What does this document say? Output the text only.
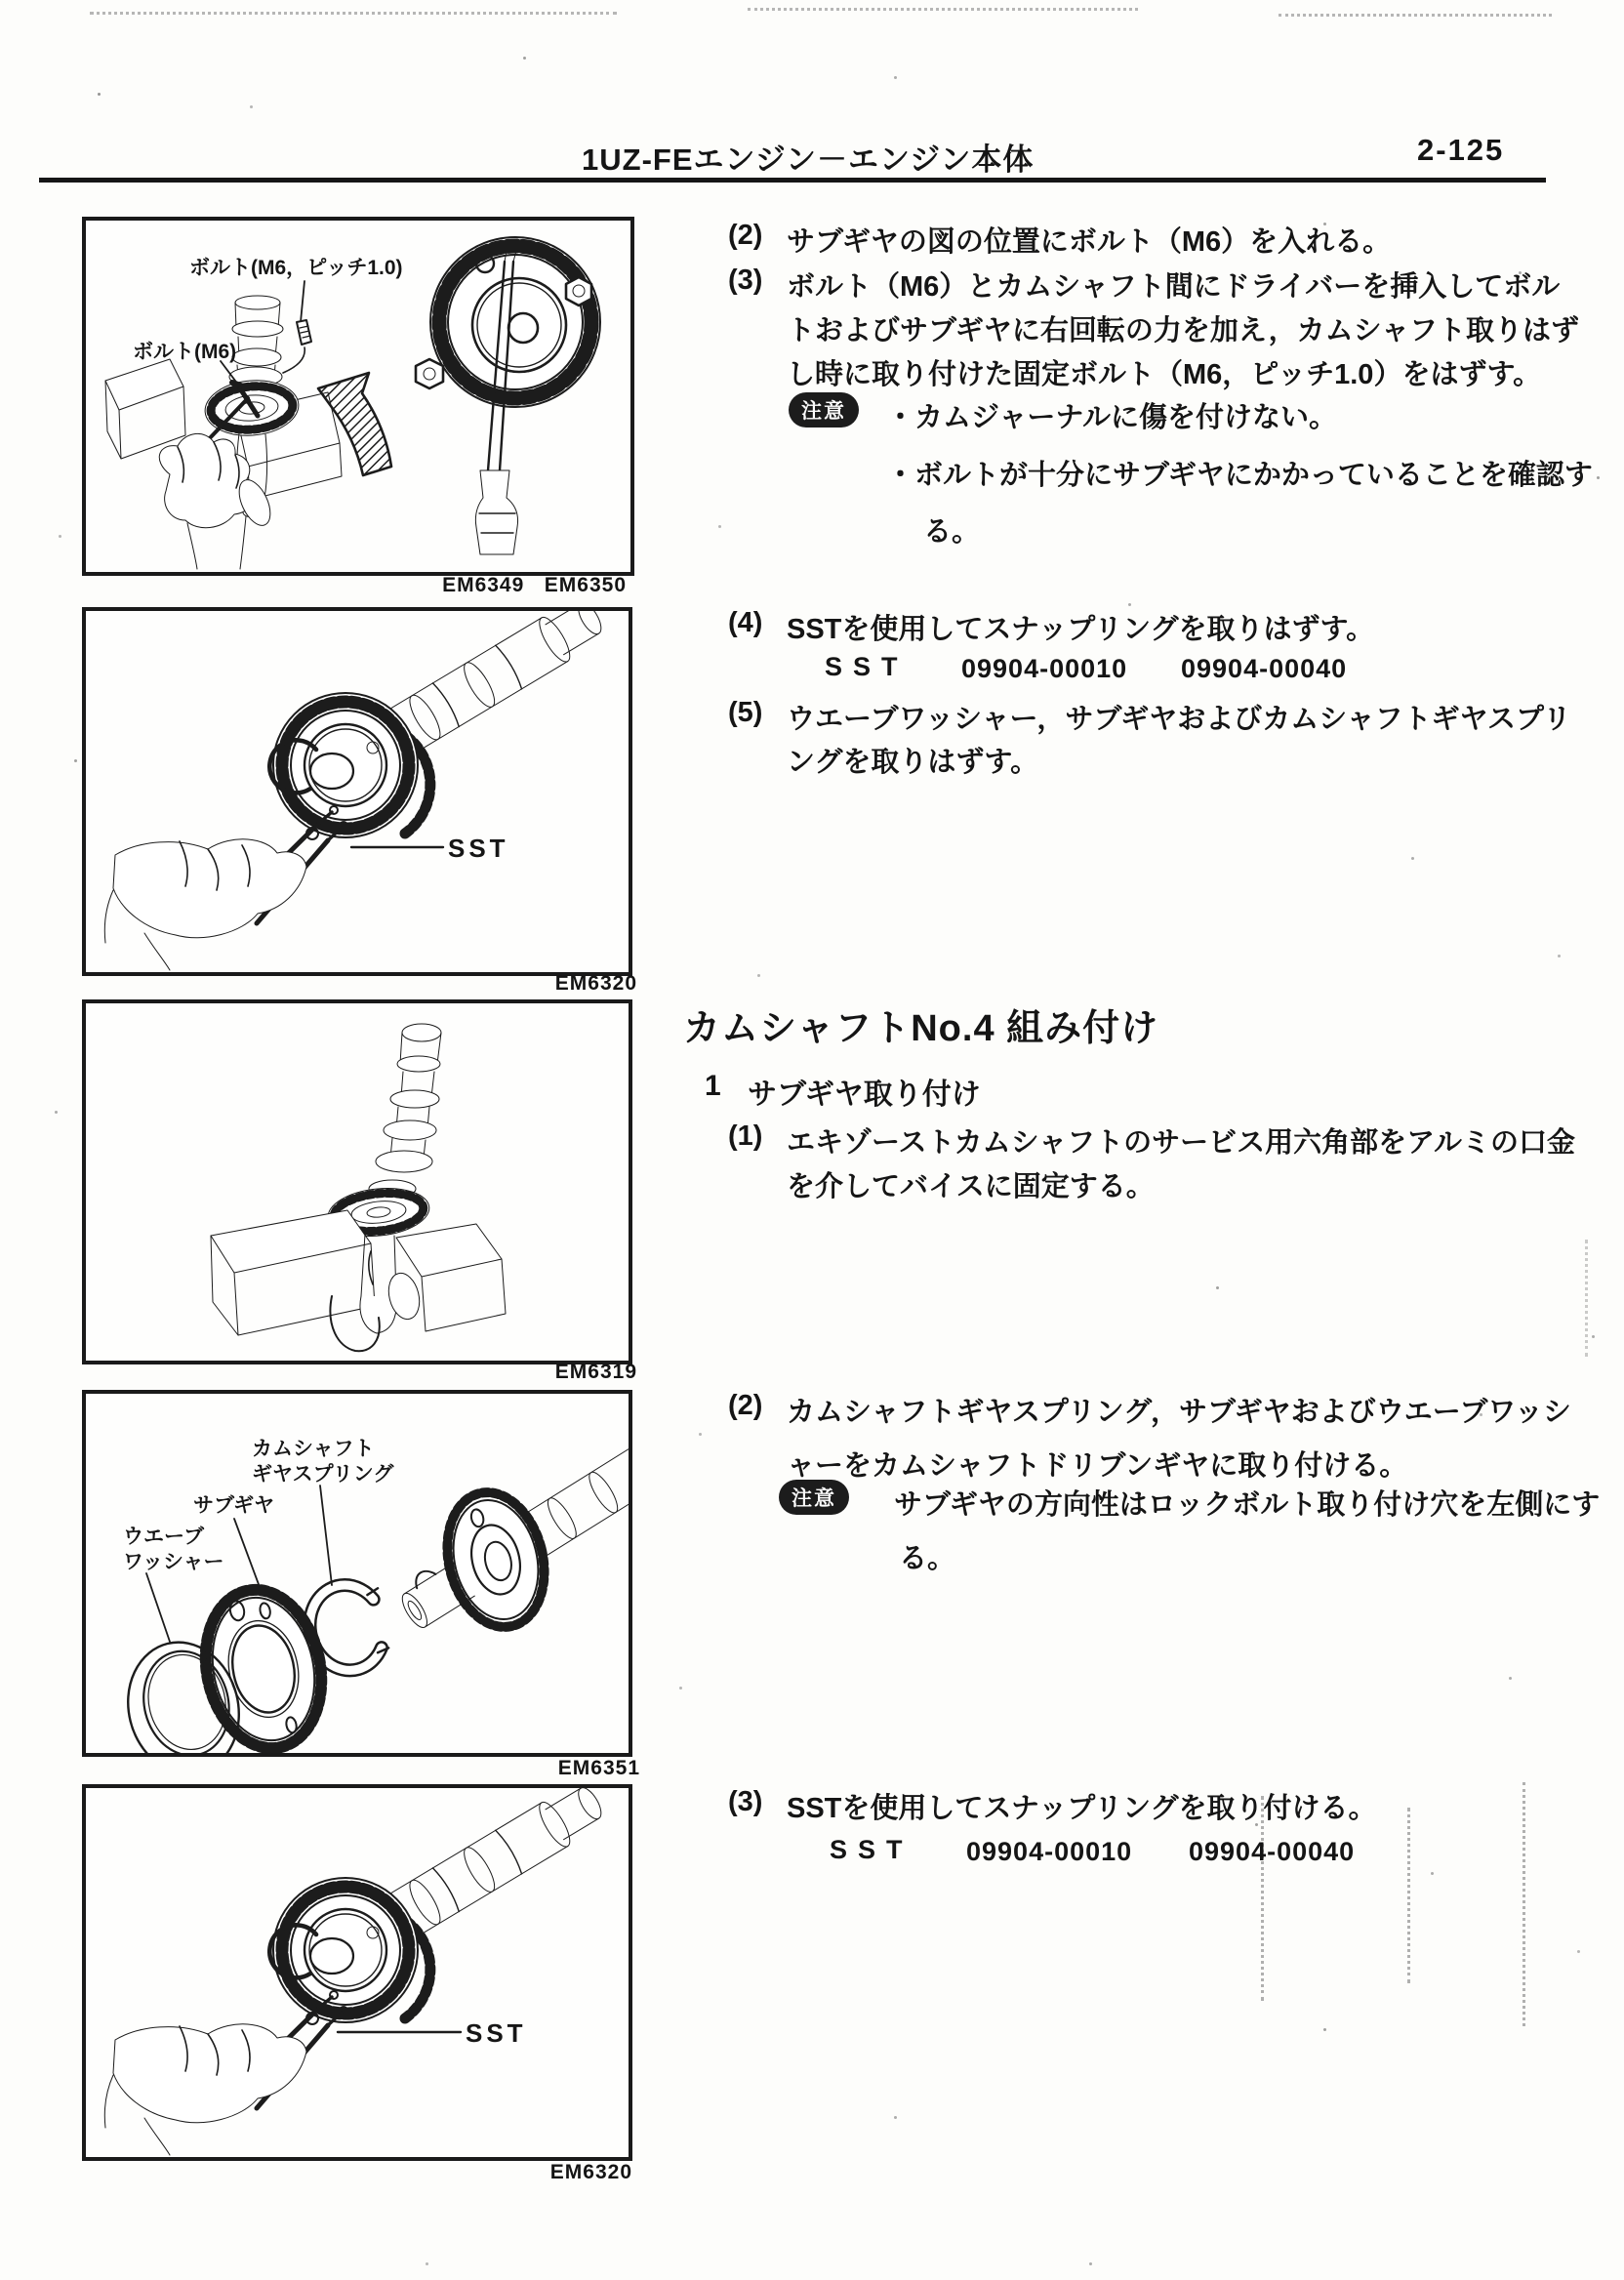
1UZ-FEエンジン－エンジン本体	2-125
ボルト(M6，ピッチ1.0)
ボルト(M6)
EM6349   EM6350
SST
EM6320
EM6319
カムシャフト
ギヤスプリング
サブギヤ
ウエーブ
ワッシャー
EM6351
SST
EM6320
(2) サブギヤの図の位置にボルト（M6）を入れる。
(3) ボルト（M6）とカムシャフト間にドライバーを挿入してボル
トおよびサブギヤに右回転の力を加え，カムシャフト取りはず
し時に取り付けた固定ボルト（M6，ピッチ1.0）をはずす。
注意	・カムジャーナルに傷を付けない。
・ボルトが十分にサブギヤにかかっていることを確認す
る。
(4) SSTを使用してスナップリングを取りはずす。
SST 09904-00010 09904-00040
(5) ウエーブワッシャー，サブギヤおよびカムシャフトギヤスプリ
ングを取りはずす。
カムシャフトNo.4 組み付け
1 サブギヤ取り付け
(1) エキゾーストカムシャフトのサービス用六角部をアルミの口金
を介してバイスに固定する。
(2) カムシャフトギヤスプリング，サブギヤおよびウエーブワッシ
ャーをカムシャフトドリブンギヤに取り付ける。
注意	サブギヤの方向性はロックボルト取り付け穴を左側にす
る。
(3) SSTを使用してスナップリングを取り付ける。
SST 09904-00010 09904-00040
